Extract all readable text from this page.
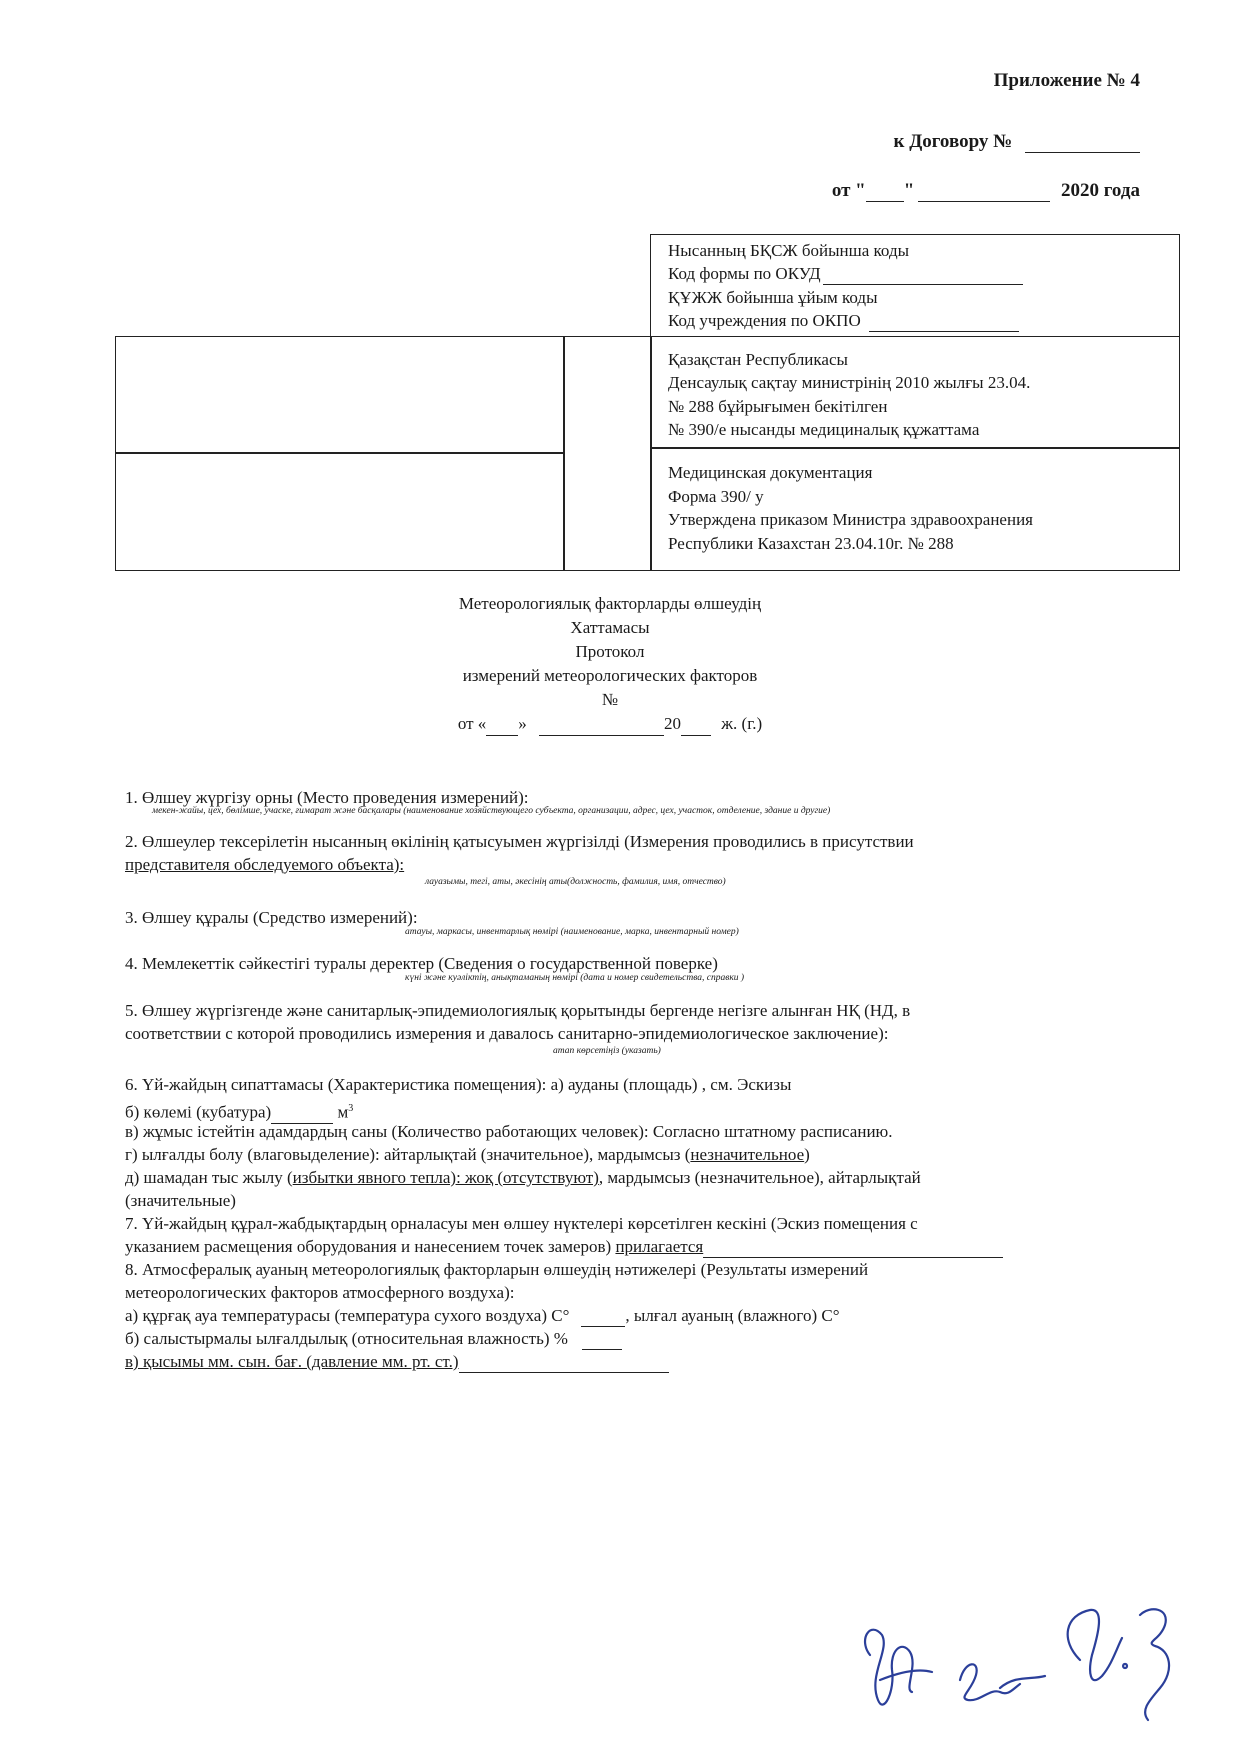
Приложение № 4
к Договору №
от " "	2020 года
Нысанның БҚСЖ бойынша коды
Код формы по ОКУД
ҚҰЖЖ бойынша ұйым коды
Код учреждения по ОКПО
Қазақстан Республикасы
Денсаулық сақтау министрінің 2010 жылғы 23.04.
№ 288 бұйрығымен бекітілген
№ 390/е нысанды медициналық құжаттама
Медицинская документация
Форма 390/ у
Утверждена приказом Министра здравоохранения
Республики Казахстан 23.04.10г. № 288
Метеорологиялық факторларды өлшеудің
Хаттамасы
Протокол
измерений метеорологических факторов
№
от « »	20 ж. (г.)
1. Өлшеу жүргізу орны (Место проведения измерений):
мекен-жайы, цех, бөлімше, учаске, ғимарат және басқалары (наименование хозяйствующего субъекта, организации, адрес, цех, участок, отделение, здание и другие)
2. Өлшеулер тексерілетін нысанның өкілінің қатысуымен жүргізілді (Измерения проводились в присутствии
представителя обследуемого объекта):
лауазымы, тегі, аты, әкесінің аты(должность, фамилия, имя, отчество)
3. Өлшеу құралы (Средство измерений):
атауы, маркасы, инвентарлық нөмірі (наименование, марка, инвентарный номер)
4. Мемлекеттік сәйкестігі туралы деректер (Сведения о государственной поверке)
күні және куәліктің, анықтаманың нөмірі (дата и номер свидетельства, справки )
5. Өлшеу жүргізгенде және санитарлық-эпидемиологиялық қорытынды бергенде негізге алынған НҚ (НД, в
соответствии с которой проводились измерения и давалось санитарно-эпидемиологическое заключение):
атап көрсетіңіз (указать)
6. Үй-жайдың сипаттамасы (Характеристика помещения): а) ауданы (площадь) , см. Эскизы
б) көлемі (кубатура)	$м^3$
в) жұмыс істейтін адамдардың саны (Количество работающих человек): Согласно штатному расписанию.
г) ылғалды болу (влаговыделение): айтарлықтай (значительное), мардымсыз (незначительное)
д) шамадан тыс жылу (избытки явного тепла): жоқ (отсутствуют), мардымсыз (незначительное), айтарлықтай
(значительные)
7. Үй-жайдың құрал-жабдықтардың орналасуы мен өлшеу нүктелері көрсетілген кескіні (Эскиз помещения с
указанием расмещения оборудования и нанесением точек замеров) прилагается
8. Атмосфералық ауаның метеорологиялық факторларын өлшеудің нәтижелері (Результаты измерений
метеорологических факторов атмосферного воздуха):
а) құрғақ ауа температурасы (температура сухого воздуха) С°	, ылғал ауаның (влажного) С°
б) салыстырмалы ылғалдылық (относительная влажность) %
в) қысымы мм. сын. бағ. (давление мм. рт. ст.)
